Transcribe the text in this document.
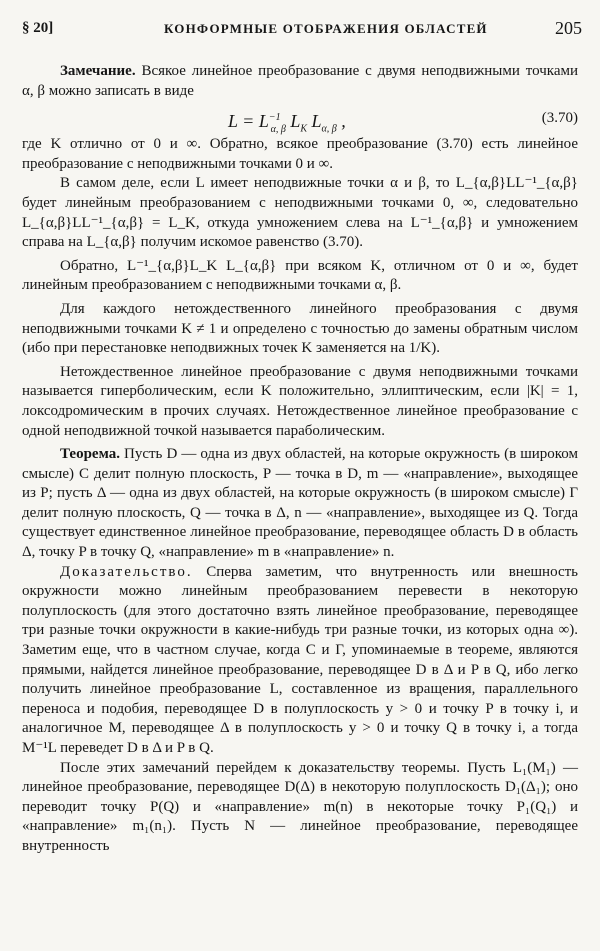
§ 20]	КОНФОРМНЫЕ ОТОБРАЖЕНИЯ ОБЛАСТЕЙ	205

Замечание. Всякое линейное преобразование с двумя неподвижными точками α, β можно записать в виде

$L = L^{-1}_{\alpha, \beta}$ $L_K$ $L_{\alpha, \beta}$ ,	(3.70)

где K отлично от 0 и ∞. Обратно, всякое преобразование (3.70) есть линейное преобразование с неподвижными точками 0 и ∞.

В самом деле, если L имеет неподвижные точки α и β, то L_{α,β}LL⁻¹_{α,β} будет линейным преобразованием с неподвижными точками 0, ∞, следовательно L_{α,β}LL⁻¹_{α,β} = L_K, откуда умножением слева на L⁻¹_{α,β} и умножением справа на L_{α,β} получим искомое равенство (3.70).

Обратно, L⁻¹_{α,β}L_K L_{α,β} при всяком K, отличном от 0 и ∞, будет линейным преобразованием с неподвижными точками α, β.

Для каждого нетождественного линейного преобразования с двумя неподвижными точками K ≠ 1 и определено с точностью до замены обратным числом (ибо при перестановке неподвижных точек K заменяется на 1/K).

Нетождественное линейное преобразование с двумя неподвижными точками называется гиперболическим, если K положительно, эллиптическим, если |K| = 1, локсодромическим в прочих случаях. Нетождественное линейное преобразование с одной неподвижной точкой называется параболическим.

Теорема. Пусть D — одна из двух областей, на которые окружность (в широком смысле) C делит полную плоскость, P — точка в D, m — «направление», выходящее из P; пусть Δ — одна из двух областей, на которые окружность (в широком смысле) Γ делит полную плоскость, Q — точка в Δ, n — «направление», выходящее из Q. Тогда существует единственное линейное преобразование, переводящее область D в область Δ, точку P в точку Q, «направление» m в «направление» n.

Доказательство. Сперва заметим, что внутренность или внешность окружности можно линейным преобразованием перевести в некоторую полуплоскость (для этого достаточно взять линейное преобразование, переводящее три разные точки окружности в какие-нибудь три разные точки, из которых одна ∞). Заметим еще, что в частном случае, когда C и Γ, упоминаемые в теореме, являются прямыми, найдется линейное преобразование, переводящее D в Δ и P в Q, ибо легко получить линейное преобразование L, составленное из вращения, параллельного переноса и подобия, переводящее D в полуплоскость y > 0 и точку P в точку i, и аналогичное M, переводящее Δ в полуплоскость y > 0 и точку Q в точку i, а тогда M⁻¹L переведет D в Δ и P в Q.

После этих замечаний перейдем к доказательству теоремы. Пусть L₁(M₁) — линейное преобразование, переводящее D(Δ) в некоторую полуплоскость D₁(Δ₁); оно переводит точку P(Q) и «направление» m(n) в некоторые точку P₁(Q₁) и «направление» m₁(n₁). Пусть N — линейное преобразование, переводящее внутренность
